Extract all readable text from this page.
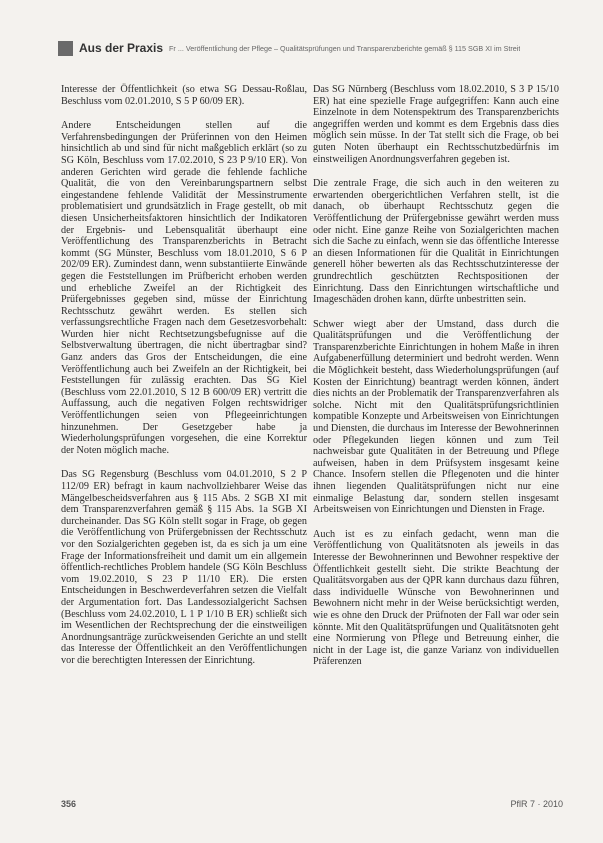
Aus der Praxis Fr ... Veröffentlichung der Pflege – Qualitätsprüfungen und Transparenzberichte gemäß § 115 SGB XI im Streit

Interesse der Öffentlichkeit (so etwa SG Dessau-Roßlau, Beschluss vom 02.01.2010, S 5 P 60/09 ER).

Andere Entscheidungen stellen auf die Verfahrensbedingungen der Prüferinnen von den Heimen hinsichtlich ab und sind für nicht maßgeblich erklärt (so zu SG Köln, Beschluss vom 17.02.2010, S 23 P 9/10 ER). Von anderen Gerichten wird gerade die fehlende fachliche Qualität, die von den Vereinbarungspartnern selbst eingestandene fehlende Validität der Messinstrumente problematisiert und grundsätzlich in Frage gestellt, ob mit diesen Unsicherheitsfaktoren hinsichtlich der Indikatoren der Ergebnis- und Lebensqualität überhaupt eine Veröffentlichung des Transparenzberichts in Betracht kommt (SG Münster, Beschluss vom 18.01.2010, S 6 P 202/09 ER). Zumindest dann, wenn substantiierte Einwände gegen die Feststellungen im Prüfbericht erhoben werden und erhebliche Zweifel an der Richtigkeit des Prüfergebnisses gegeben sind, müsse der Einrichtung Rechtsschutz gewährt werden. Es stellen sich verfassungsrechtliche Fragen nach dem Gesetzesvorbehalt: Wurden hier nicht Rechtsetzungsbefugnisse auf die Selbstverwaltung übertragen, die nicht übertragbar sind? Ganz anders das Gros der Entscheidungen, die eine Veröffentlichung auch bei Zweifeln an der Richtigkeit, bei Feststellungen für zulässig erachten. Das SG Kiel (Beschluss vom 22.01.2010, S 12 B 600/09 ER) vertritt die Auffassung, auch die negativen Folgen rechtswidriger Veröffentlichungen seien von Pflegeeinrichtungen hinzunehmen. Der Gesetzgeber habe ja Wiederholungsprüfungen vorgesehen, die eine Korrektur der Noten möglich mache.

Das SG Regensburg (Beschluss vom 04.01.2010, S 2 P 112/09 ER) befragt in kaum nachvollziehbarer Weise das Mängelbescheidsverfahren aus § 115 Abs. 2 SGB XI mit dem Transparenzverfahren gemäß § 115 Abs. 1a SGB XI durcheinander. Das SG Köln stellt sogar in Frage, ob gegen die Veröffentlichung von Prüfergebnissen der Rechtsschutz vor den Sozialgerichten gegeben ist, da es sich ja um eine Frage der Informationsfreiheit und damit um ein allgemein öffentlich-rechtliches Problem handele (SG Köln Beschluss vom 19.02.2010, S 23 P 11/10 ER). Die ersten Entscheidungen in Beschwerdeverfahren setzen die Vielfalt der Argumentation fort. Das Landessozialgericht Sachsen (Beschluss vom 24.02.2010, L 1 P 1/10 B ER) schließt sich im Wesentlichen der Rechtsprechung der die einstweiligen Anordnungsanträge zurückweisenden Gerichte an und stellt das Interesse der Öffentlichkeit an den Veröffentlichungen vor die berechtigten Interessen der Einrichtung.

Das SG Nürnberg (Beschluss vom 18.02.2010, S 3 P 15/10 ER) hat eine spezielle Frage aufgegriffen: Kann auch eine Einzelnote in dem Notenspektrum des Transparenzberichts angegriffen werden und kommt es dem Ergebnis dass dies möglich sein müsse. In der Tat stellt sich die Frage, ob bei guten Noten überhaupt ein Rechtsschutzbedürfnis im einstweiligen Anordnungsverfahren gegeben ist.

Die zentrale Frage, die sich auch in den weiteren zu erwartenden obergerichtlichen Verfahren stellt, ist die danach, ob überhaupt Rechtsschutz gegen die Veröffentlichung der Prüfergebnisse gewährt werden muss oder nicht. Eine ganze Reihe von Sozialgerichten machen sich die Sache zu einfach, wenn sie das öffentliche Interesse an diesen Informationen für die Qualität in Einrichtungen generell höher bewerten als das Rechtsschutzinteresse der grundrechtlich geschützten Rechtspositionen der Einrichtung. Dass den Einrichtungen wirtschaftliche und Imageschäden drohen kann, dürfte unbestritten sein.

Schwer wiegt aber der Umstand, dass durch die Qualitätsprüfungen und die Veröffentlichung der Transparenzberichte Einrichtungen in hohem Maße in ihren Aufgabenerfüllung determiniert und bedroht werden. Wenn die Möglichkeit besteht, dass Wiederholungsprüfungen (auf Kosten der Einrichtung) beantragt werden können, ändert dies nichts an der Problematik der Transparenzverfahren als solche. Nicht mit den Qualitätsprüfungsrichtlinien kompatible Konzepte und Arbeitsweisen von Einrichtungen und Diensten, die durchaus im Interesse der Bewohnerinnen oder Pflegekunden liegen können und zum Teil nachweisbar gute Qualitäten in der Betreuung und Pflege aufweisen, haben in dem Prüfsystem insgesamt keine Chance. Insofern stellen die Pflegenoten und die hinter ihnen liegenden Qualitätsprüfungen nicht nur eine einmalige Belastung dar, sondern stellen insgesamt Arbeitsweisen von Einrichtungen und Diensten in Frage.

Auch ist es zu einfach gedacht, wenn man die Veröffentlichung von Qualitätsnoten als jeweils in das Interesse der Bewohnerinnen und Bewohner respektive der Öffentlichkeit gestellt sieht. Die strikte Beachtung der Qualitätsvorgaben aus der QPR kann durchaus dazu führen, dass individuelle Wünsche von Bewohnerinnen und Bewohnern nicht mehr in der Weise berücksichtigt werden, wie es ohne den Druck der Prüfnoten der Fall war oder sein könnte. Mit den Qualitätsprüfungen und Qualitätsnoten geht eine Normierung von Pflege und Betreuung einher, die nicht in der Lage ist, die ganze Varianz von individuellen Präferenzen

356	PflR 7 · 2010
